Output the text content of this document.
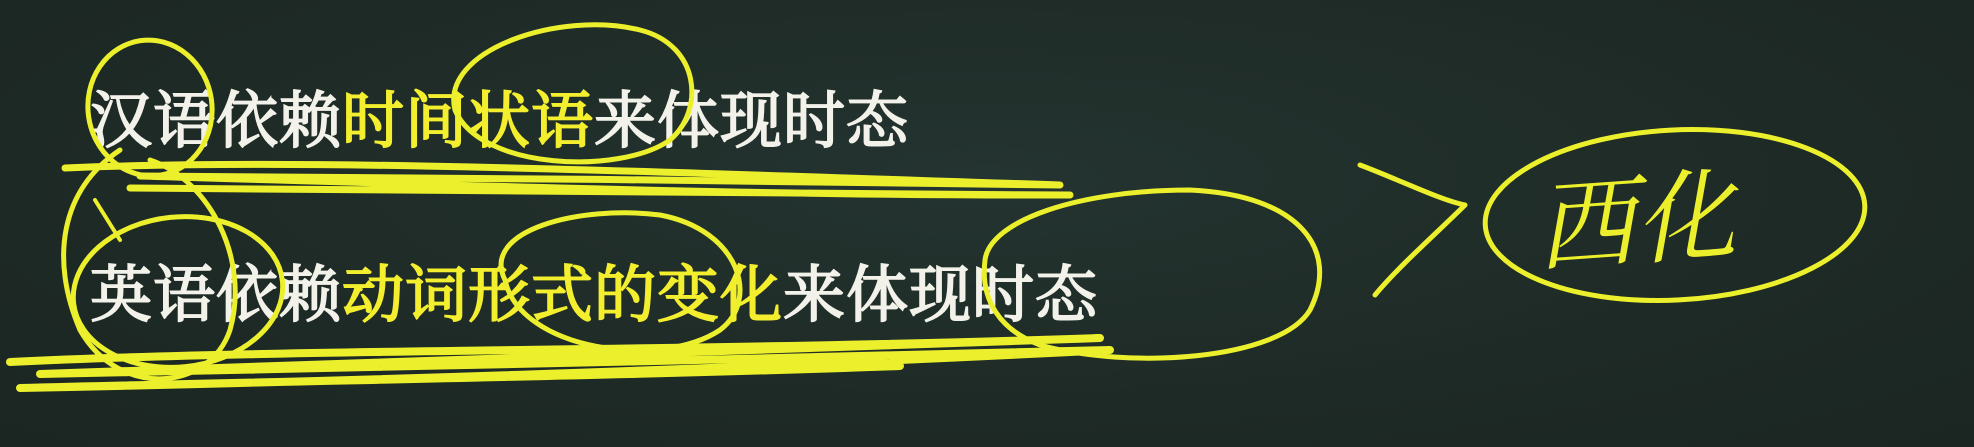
汉语依赖时间状语来体现时态
英语依赖动词形式的变化来体现时态
西化
